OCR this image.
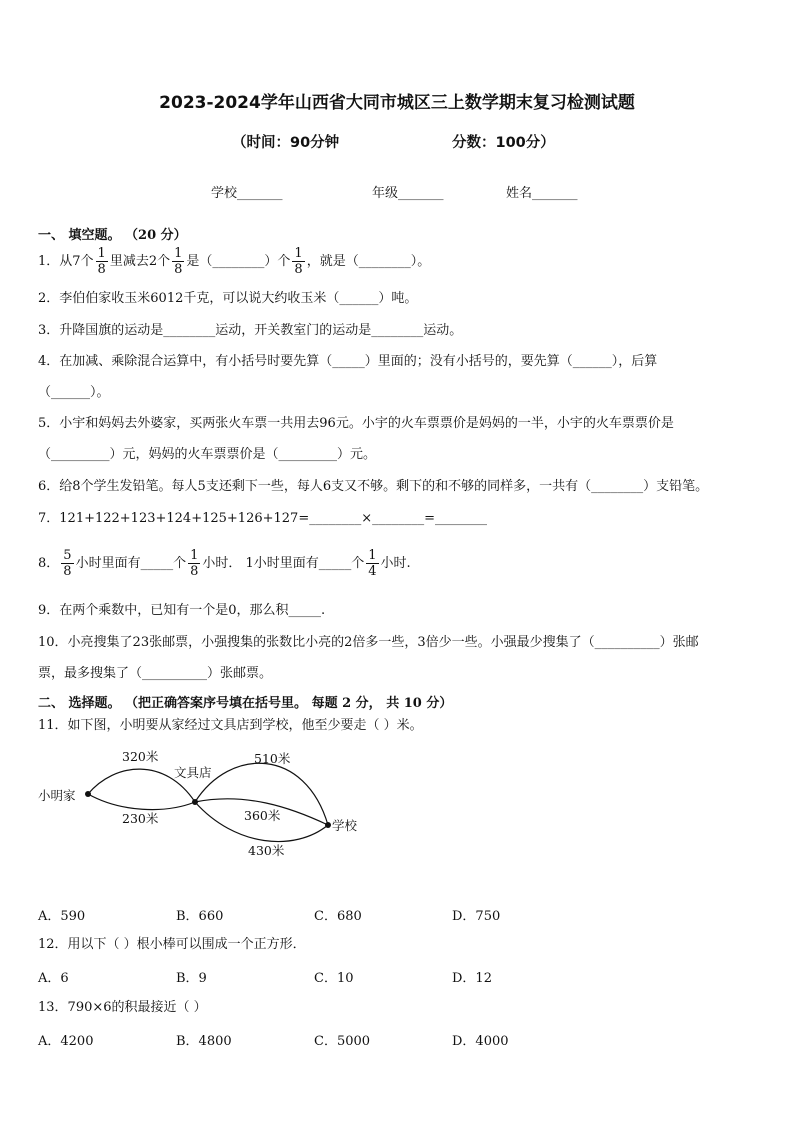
2023-2024学年山西省大同市城区三上数学期末复习检测试题
（时间：90分钟	分数：100分）
学校_______	年级_______	姓名_______
一、 填空题。 （20 分）
1．从7个 $\frac{1}{8}$ 里减去2个 $\frac{1}{8}$ 是（________）个 $\frac{1}{8}$ ，就是（________）。
2．李伯伯家收玉米6012千克，可以说大约收玉米（______）吨。
3．升降国旗的运动是________运动，开关教室门的运动是________运动。
4．在加减、乘除混合运算中，有小括号时要先算（_____）里面的；没有小括号的，要先算（______），后算
（______）。
5．小宇和妈妈去外婆家，买两张火车票一共用去96元。小宇的火车票票价是妈妈的一半，小宇的火车票票价是
（_________）元，妈妈的火车票票价是（_________）元。
6．给8个学生发铅笔。每人5支还剩下一些，每人6支又不够。剩下的和不够的同样多，一共有（________）支铅笔。
7．121+122+123+124+125+126+127=________×________=________
8． $\frac{5}{8}$ 小时里面有_____个 $\frac{1}{8}$ 小时． 1小时里面有_____个 $\frac{1}{4}$ 小时.
9．在两个乘数中，已知有一个是0，那么积_____.
10．小亮搜集了23张邮票，小强搜集的张数比小亮的2倍多一些，3倍少一些。小强最少搜集了（__________）张邮
票，最多搜集了（__________）张邮票。
二、 选择题。 （把正确答案序号填在括号里。 每题 2 分， 共 10 分）
11．如下图，小明要从家经过文具店到学校，他至少要走（ ）米。
小明家
文具店
学校
320米
230米
510米
360米
430米
A．590	B．660	C．680	D．750
12．用以下（ ）根小棒可以围成一个正方形．
A．6	B．9	C．10	D．12
13．790×6的积最接近（ ）
A．4200	B．4800	C．5000	D．4000
